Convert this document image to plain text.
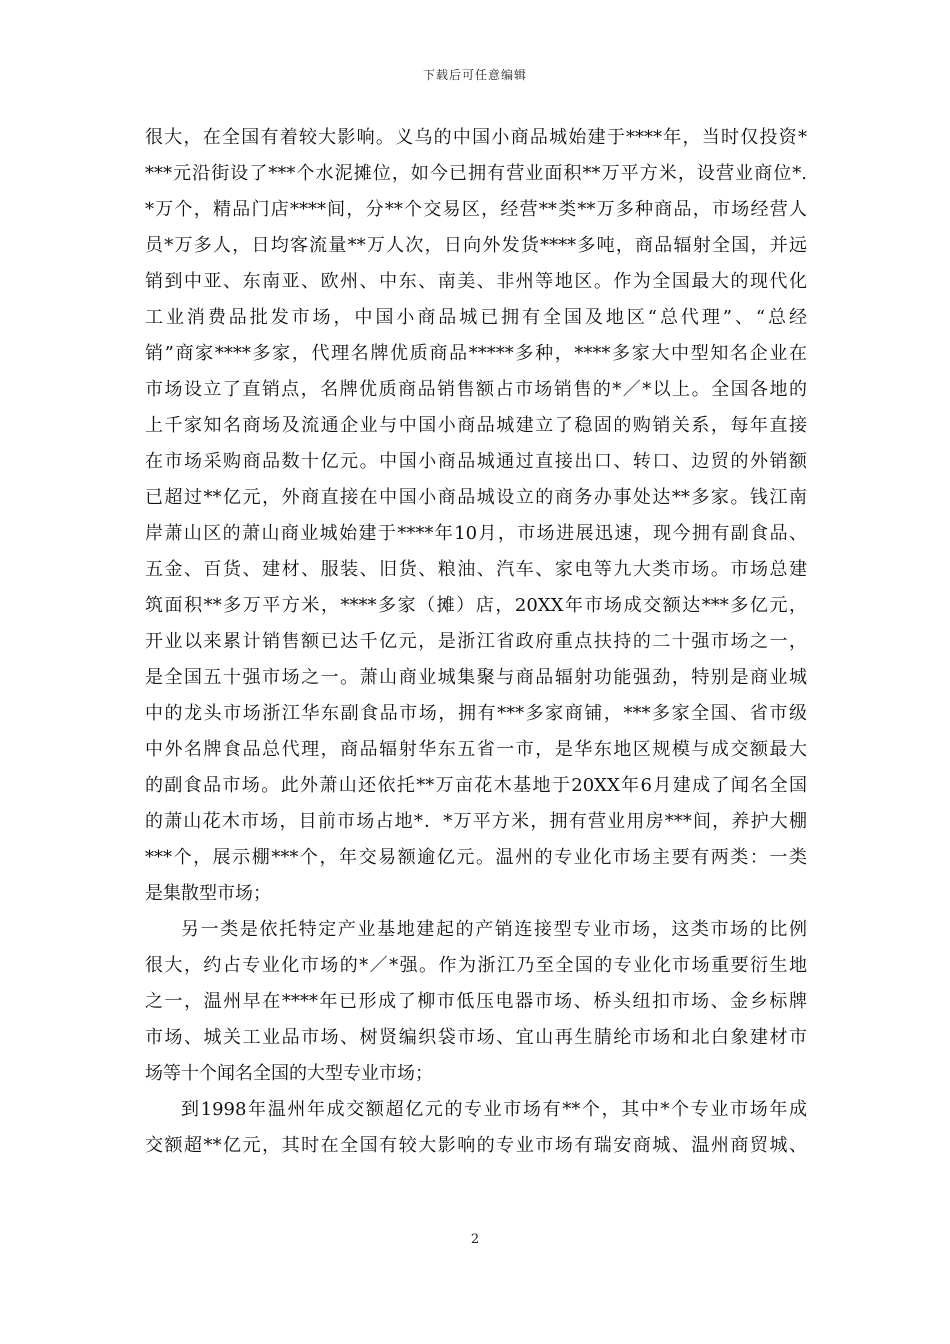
下载后可任意编辑
很大，在全国有着较大影响。义乌的中国小商品城始建于****年，当时仅投资*
***元沿街设了***个水泥摊位，如今已拥有营业面积**万平方米，设营业商位*.
*万个，精品门店****间，分**个交易区，经营**类**万多种商品，市场经营人
员*万多人，日均客流量**万人次，日向外发货****多吨，商品辐射全国，并远
销到中亚、东南亚、欧州、中东、南美、非州等地区。作为全国最大的现代化
工业消费品批发市场，中国小商品城已拥有全国及地区“总代理”、“总经
销”商家****多家，代理名牌优质商品*****多种，****多家大中型知名企业在
市场设立了直销点，名牌优质商品销售额占市场销售的*／*以上。全国各地的
上千家知名商场及流通企业与中国小商品城建立了稳固的购销关系，每年直接
在市场采购商品数十亿元。中国小商品城通过直接出口、转口、边贸的外销额
已超过**亿元，外商直接在中国小商品城设立的商务办事处达**多家。钱江南
岸萧山区的萧山商业城始建于****年10月，市场进展迅速，现今拥有副食品、
五金、百货、建材、服装、旧货、粮油、汽车、家电等九大类市场。市场总建
筑面积**多万平方米，****多家（摊）店，20XX年市场成交额达***多亿元，
开业以来累计销售额已达千亿元，是浙江省政府重点扶持的二十强市场之一，
是全国五十强市场之一。萧山商业城集聚与商品辐射功能强劲，特别是商业城
中的龙头市场浙江华东副食品市场，拥有***多家商铺，***多家全国、省市级
中外名牌食品总代理，商品辐射华东五省一市，是华东地区规模与成交额最大
的副食品市场。此外萧山还依托**万亩花木基地于20XX年6月建成了闻名全国
的萧山花木市场，目前市场占地*．*万平方米，拥有营业用房***间，养护大棚
***个，展示棚***个，年交易额逾亿元。温州的专业化市场主要有两类：一类
是集散型市场；
另一类是依托特定产业基地建起的产销连接型专业市场，这类市场的比例
很大，约占专业化市场的*／*强。作为浙江乃至全国的专业化市场重要衍生地
之一，温州早在****年已形成了柳市低压电器市场、桥头纽扣市场、金乡标牌
市场、城关工业品市场、树贤编织袋市场、宜山再生腈纶市场和北白象建材市
场等十个闻名全国的大型专业市场；
到1998年温州年成交额超亿元的专业市场有**个，其中*个专业市场年成
交额超**亿元，其时在全国有较大影响的专业市场有瑞安商城、温州商贸城、
2
